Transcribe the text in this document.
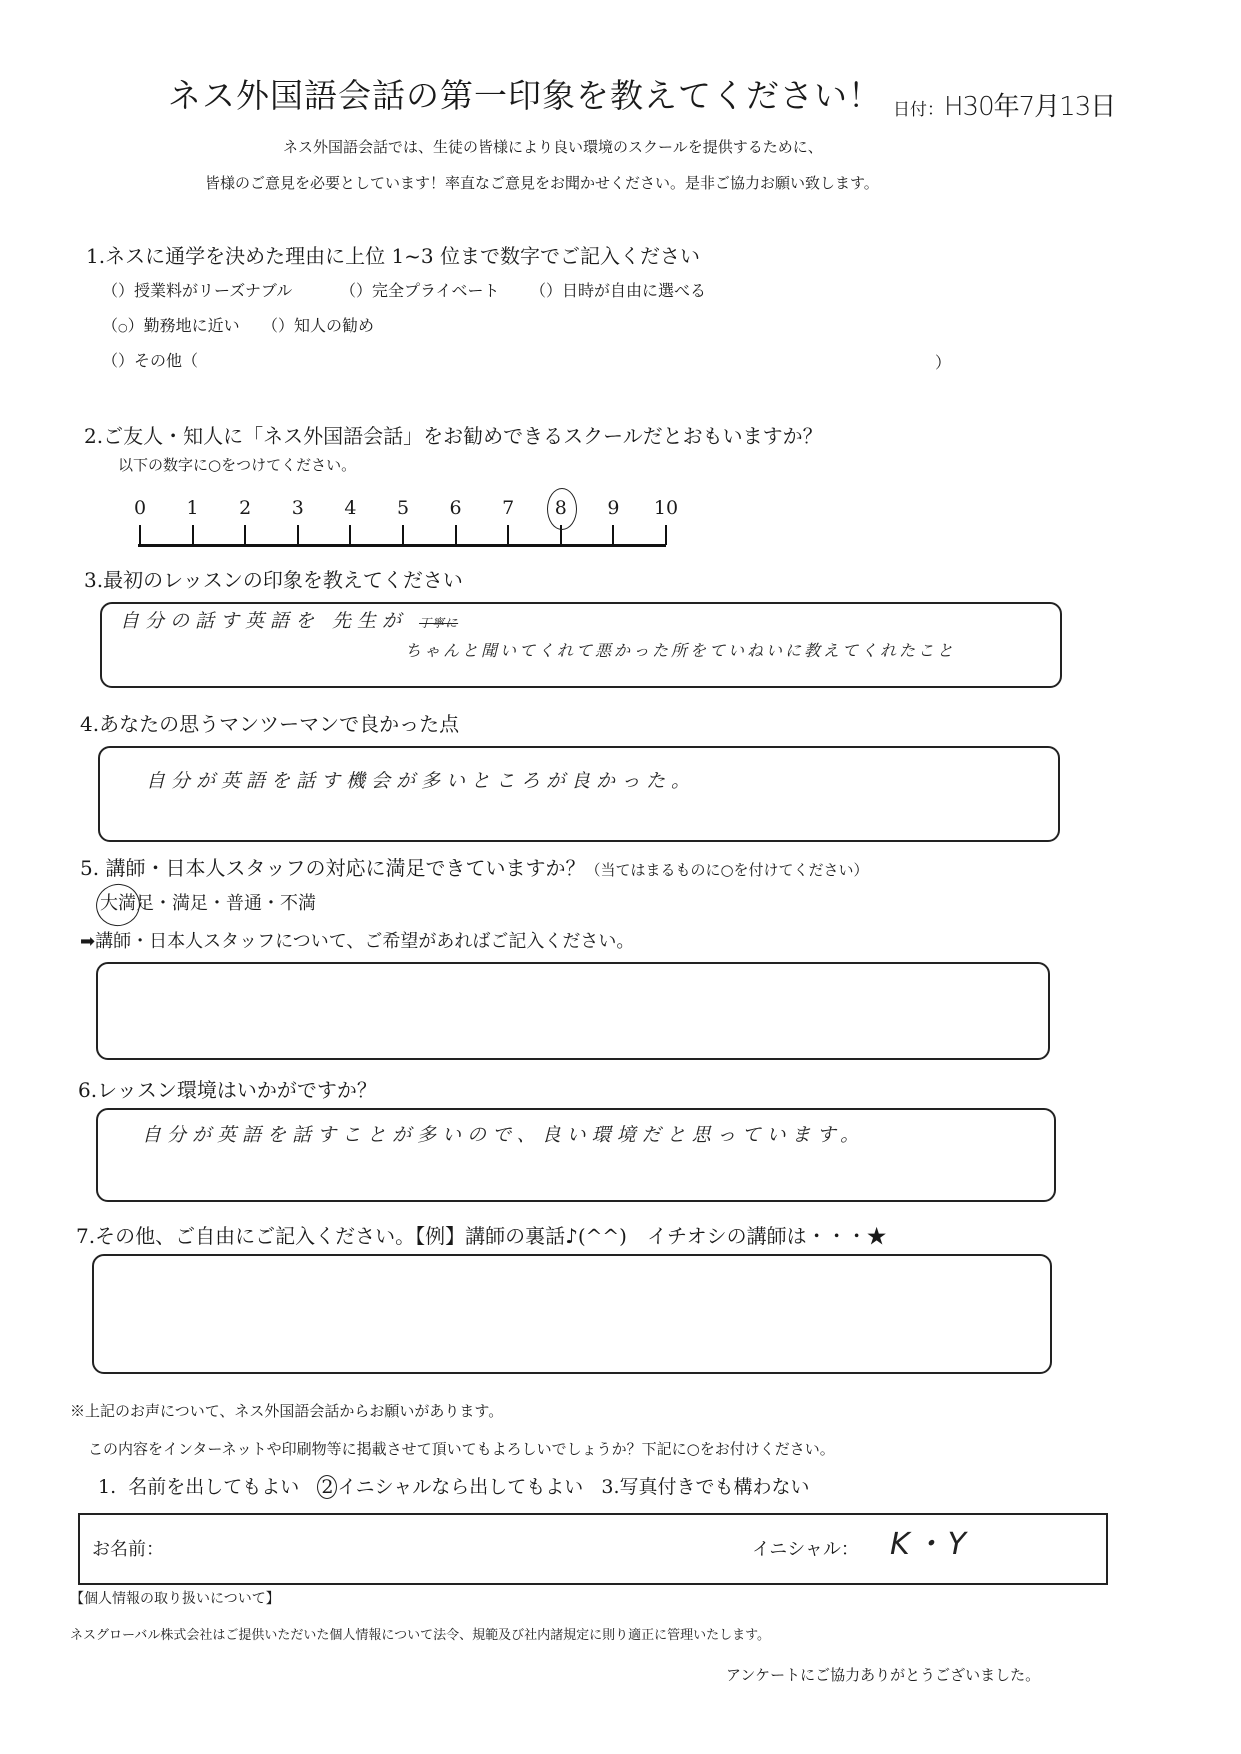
ネス外国語会話の第一印象を教えてください！ 日付：H30年7月13日
ネス外国語会話では、生徒の皆様により良い環境のスクールを提供するために、
皆様のご意見を必要としています！率直なご意見をお聞かせください。是非ご協力お願い致します。
1.ネスに通学を決めた理由に上位 1~3 位まで数字でご記入ください
（）授業料がリーズナブル	（）完全プライベート （）日時が自由に選べる
（○）勤務地に近い （）知人の勧め
（）その他（	）
2.ご友人・知人に「ネス外国語会話」をお勧めできるスクールだとおもいますか？
以下の数字に○をつけてください。
3.最初のレッスンの印象を教えてください
自分の話す英語を 先生が 丁寧に
ちゃんと聞いてくれて悪かった所をていねいに教えてくれたこと
4.あなたの思うマンツーマンで良かった点
自分が英語を話す機会が多いところが良かった。
5. 講師・日本人スタッフの対応に満足できていますか？（当てはまるものに○を付けてください）
大満足・満足・普通・不満
➡講師・日本人スタッフについて、ご希望があればご記入ください。
6.レッスン環境はいかがですか？
自分が英語を話すことが多いので、良い環境だと思っています。
7.その他、ご自由にご記入ください。【例】講師の裏話♪(^^)　イチオシの講師は・・・★
※上記のお声について、ネス外国語会話からお願いがあります。
この内容をインターネットや印刷物等に掲載させて頂いてもよろしいでしょうか？下記に○をお付けください。
1. 名前を出してもよい 2 イニシャルなら出してもよい 3.写真付きでも構わない
お名前：	イニシャル： K・Y
【個人情報の取り扱いについて】
ネスグローバル株式会社はご提供いただいた個人情報について法令、規範及び社内諸規定に則り適正に管理いたします。
アンケートにご協力ありがとうございました。
0	1	2	3	4	5	6	7	8	9	10
